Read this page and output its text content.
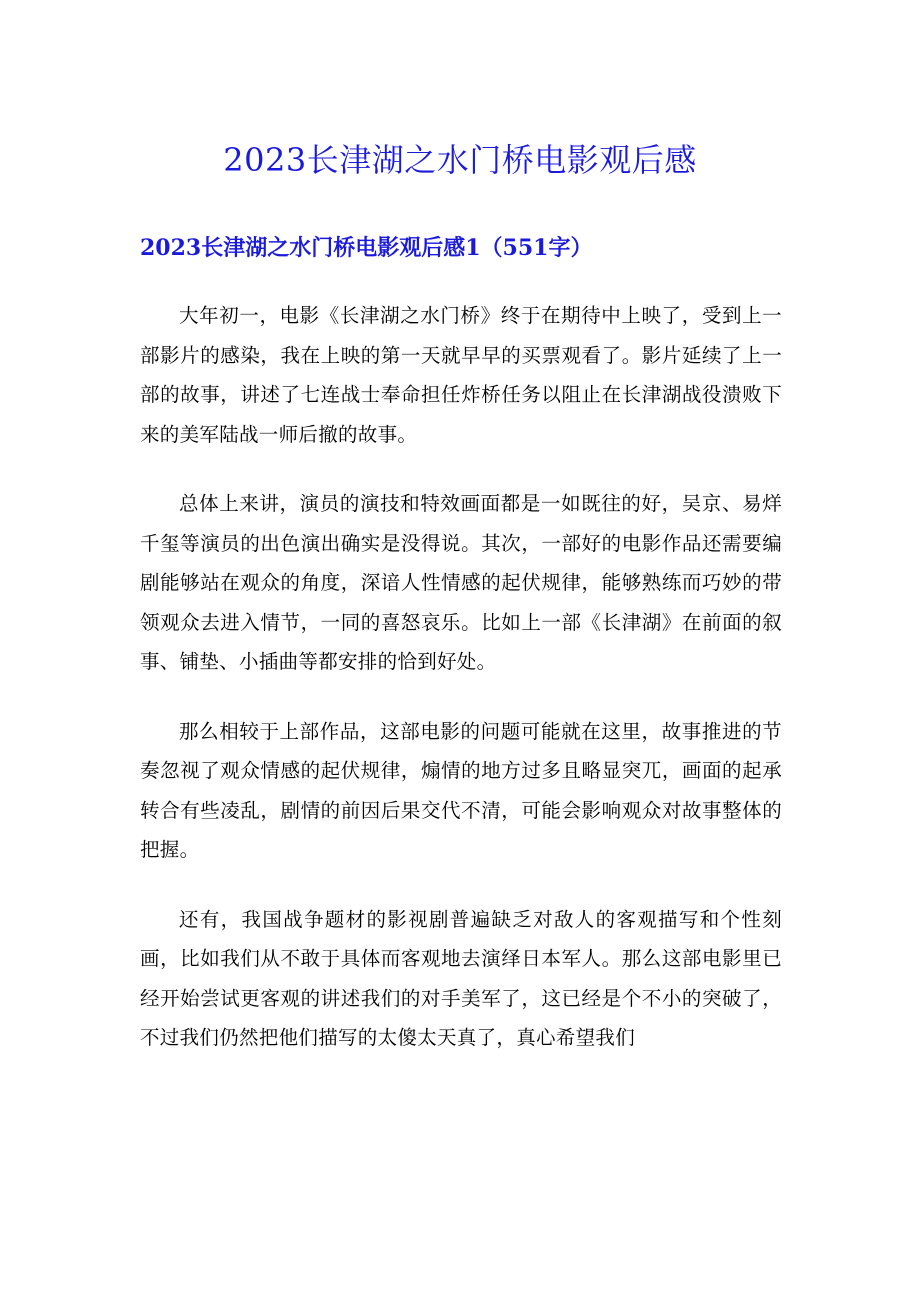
2023长津湖之水门桥电影观后感
2023长津湖之水门桥电影观后感1（551字）

大年初一，电影《长津湖之水门桥》终于在期待中上映了，受到上一部影片的感染，我在上映的第一天就早早的买票观看了。影片延续了上一部的故事，讲述了七连战士奉命担任炸桥任务以阻止在长津湖战役溃败下来的美军陆战一师后撤的故事。

总体上来讲，演员的演技和特效画面都是一如既往的好，吴京、易烊千玺等演员的出色演出确实是没得说。其次，一部好的电影作品还需要编剧能够站在观众的角度，深谙人性情感的起伏规律，能够熟练而巧妙的带领观众去进入情节，一同的喜怒哀乐。比如上一部《长津湖》在前面的叙事、铺垫、小插曲等都安排的恰到好处。

那么相较于上部作品，这部电影的问题可能就在这里，故事推进的节奏忽视了观众情感的起伏规律，煽情的地方过多且略显突兀，画面的起承转合有些凌乱，剧情的前因后果交代不清，可能会影响观众对故事整体的把握。

还有，我国战争题材的影视剧普遍缺乏对敌人的客观描写和个性刻画，比如我们从不敢于具体而客观地去演绎日本军人。那么这部电影里已经开始尝试更客观的讲述我们的对手美军了，这已经是个不小的突破了，不过我们仍然把他们描写的太傻太天真了，真心希望我们
